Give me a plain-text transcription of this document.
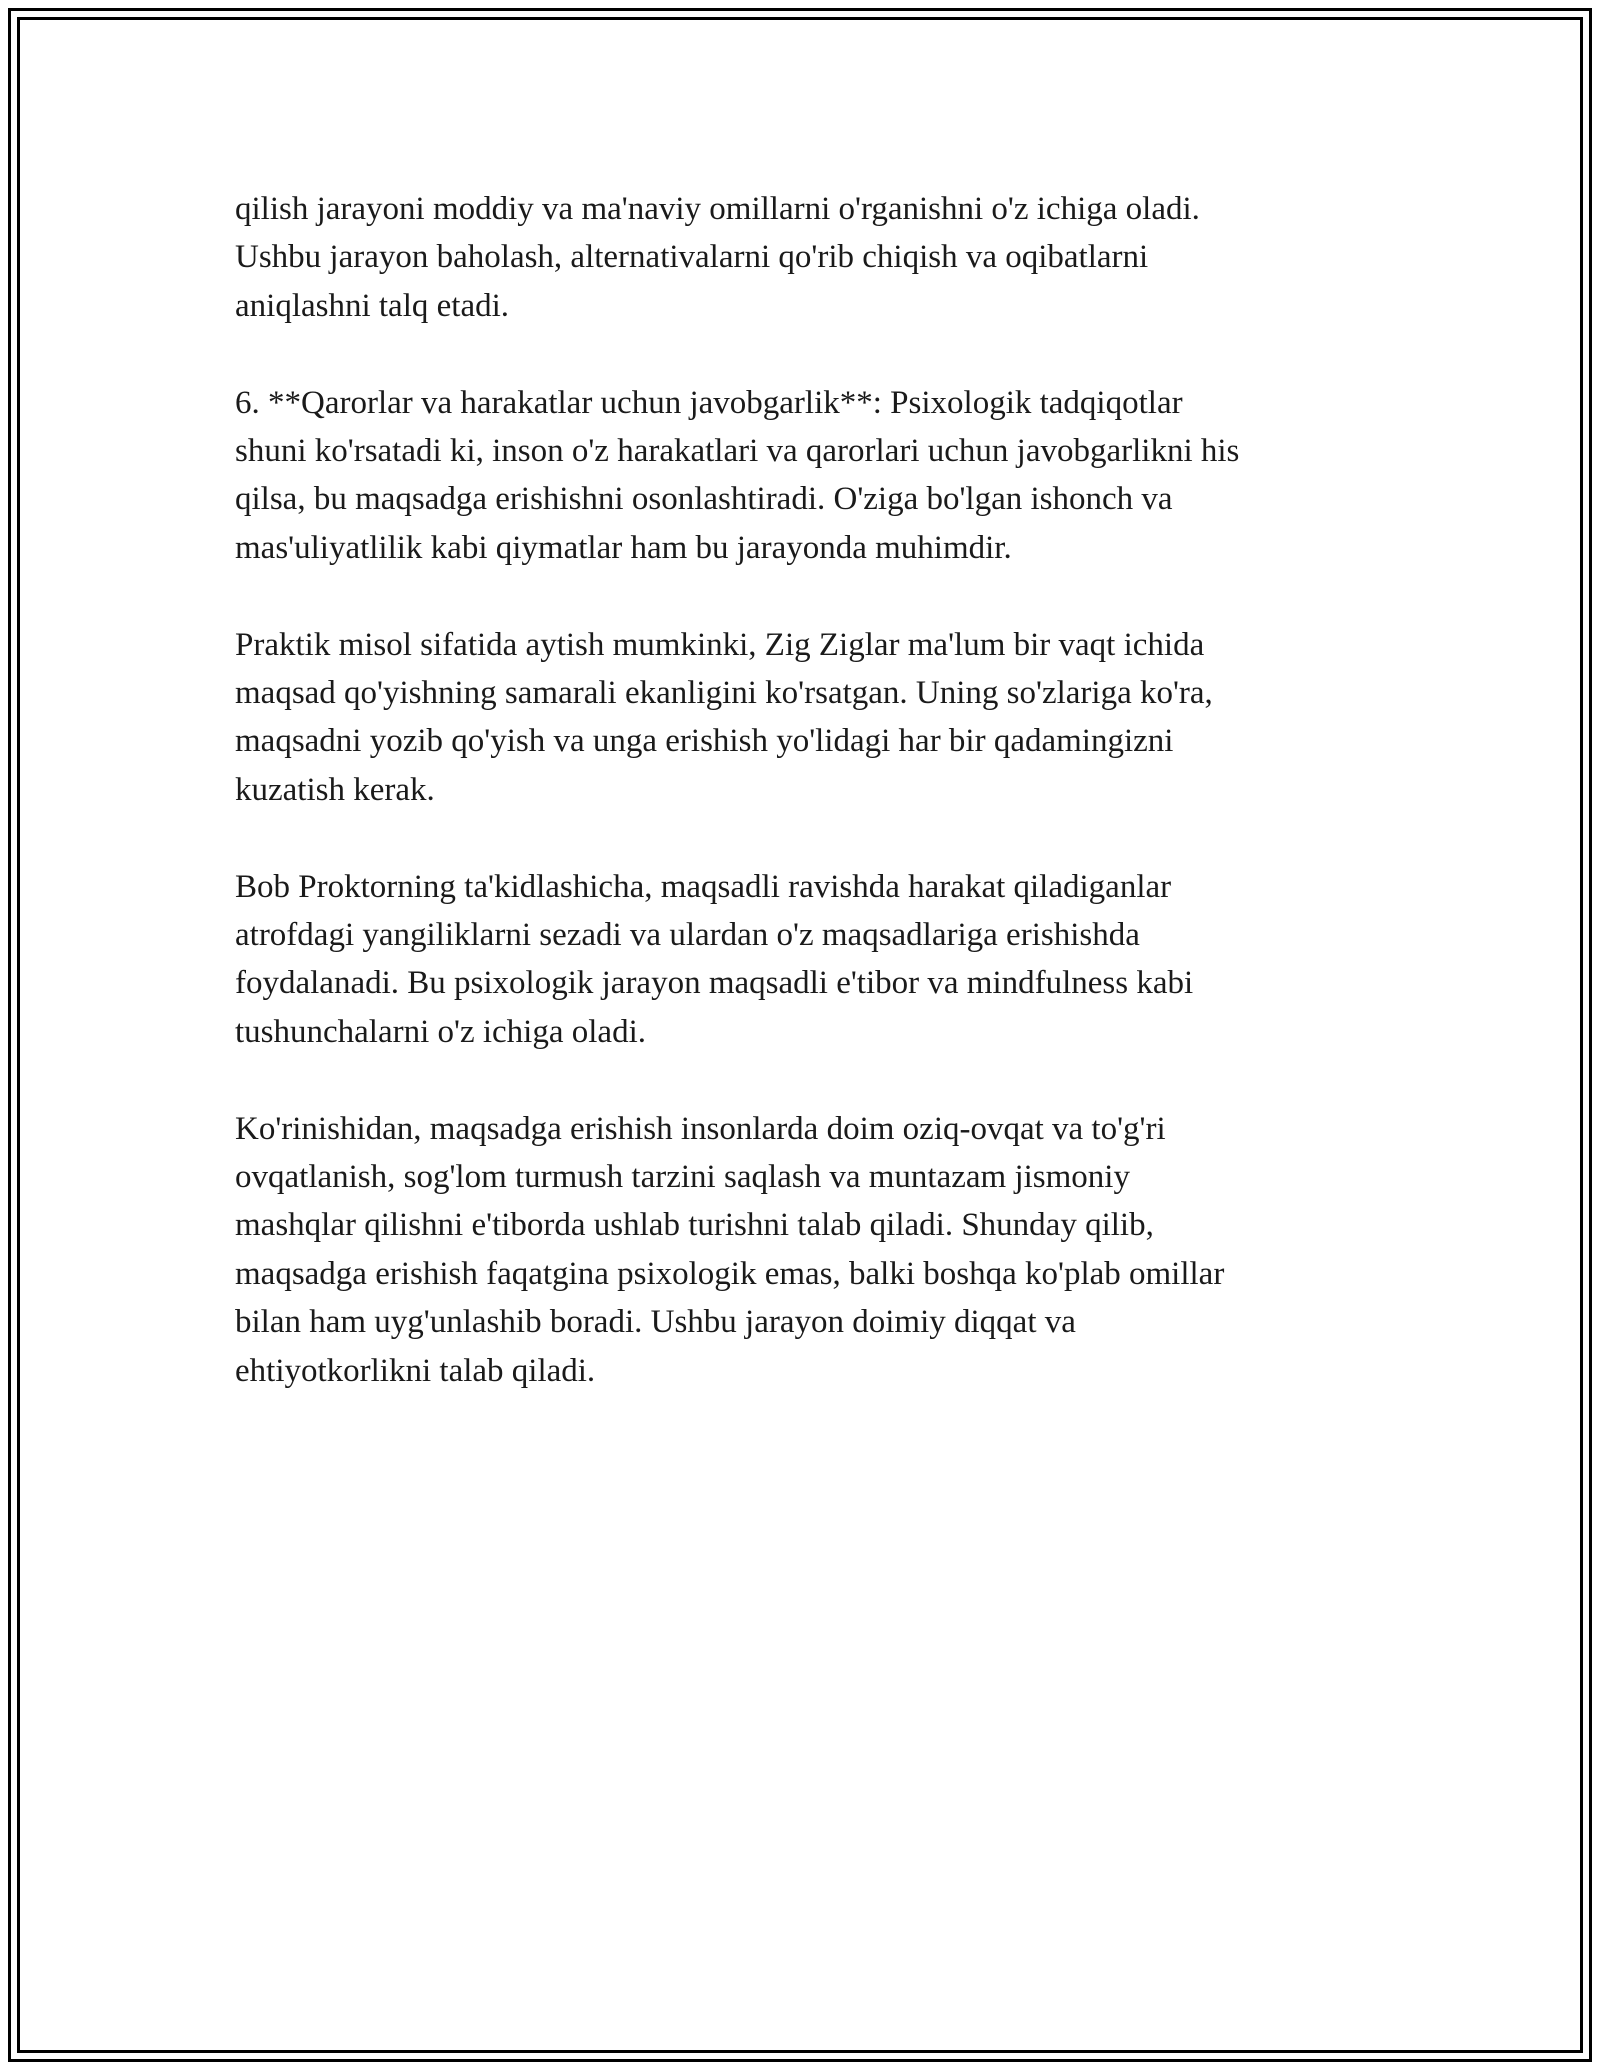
qilish jarayoni moddiy va ma'naviy omillarni o'rganishni o'z ichiga oladi.
Ushbu jarayon baholash, alternativalarni qo'rib chiqish va oqibatlarni
aniqlashni talq etadi.

6. **Qarorlar va harakatlar uchun javobgarlik**: Psixologik tadqiqotlar
shuni ko'rsatadi ki, inson o'z harakatlari va qarorlari uchun javobgarlikni his
qilsa, bu maqsadga erishishni osonlashtiradi. O'ziga bo'lgan ishonch va
mas'uliyatlilik kabi qiymatlar ham bu jarayonda muhimdir.

Praktik misol sifatida aytish mumkinki, Zig Ziglar ma'lum bir vaqt ichida
maqsad qo'yishning samarali ekanligini ko'rsatgan. Uning so'zlariga ko'ra,
maqsadni yozib qo'yish va unga erishish yo'lidagi har bir qadamingizni
kuzatish kerak.

Bob Proktorning ta'kidlashicha, maqsadli ravishda harakat qiladiganlar
atrofdagi yangiliklarni sezadi va ulardan o'z maqsadlariga erishishda
foydalanadi. Bu psixologik jarayon maqsadli e'tibor va mindfulness kabi
tushunchalarni o'z ichiga oladi.

Ko'rinishidan, maqsadga erishish insonlarda doim oziq-ovqat va to'g'ri
ovqatlanish, sog'lom turmush tarzini saqlash va muntazam jismoniy
mashqlar qilishni e'tiborda ushlab turishni talab qiladi. Shunday qilib,
maqsadga erishish faqatgina psixologik emas, balki boshqa ko'plab omillar
bilan ham uyg'unlashib boradi. Ushbu jarayon doimiy diqqat va
ehtiyotkorlikni talab qiladi.
